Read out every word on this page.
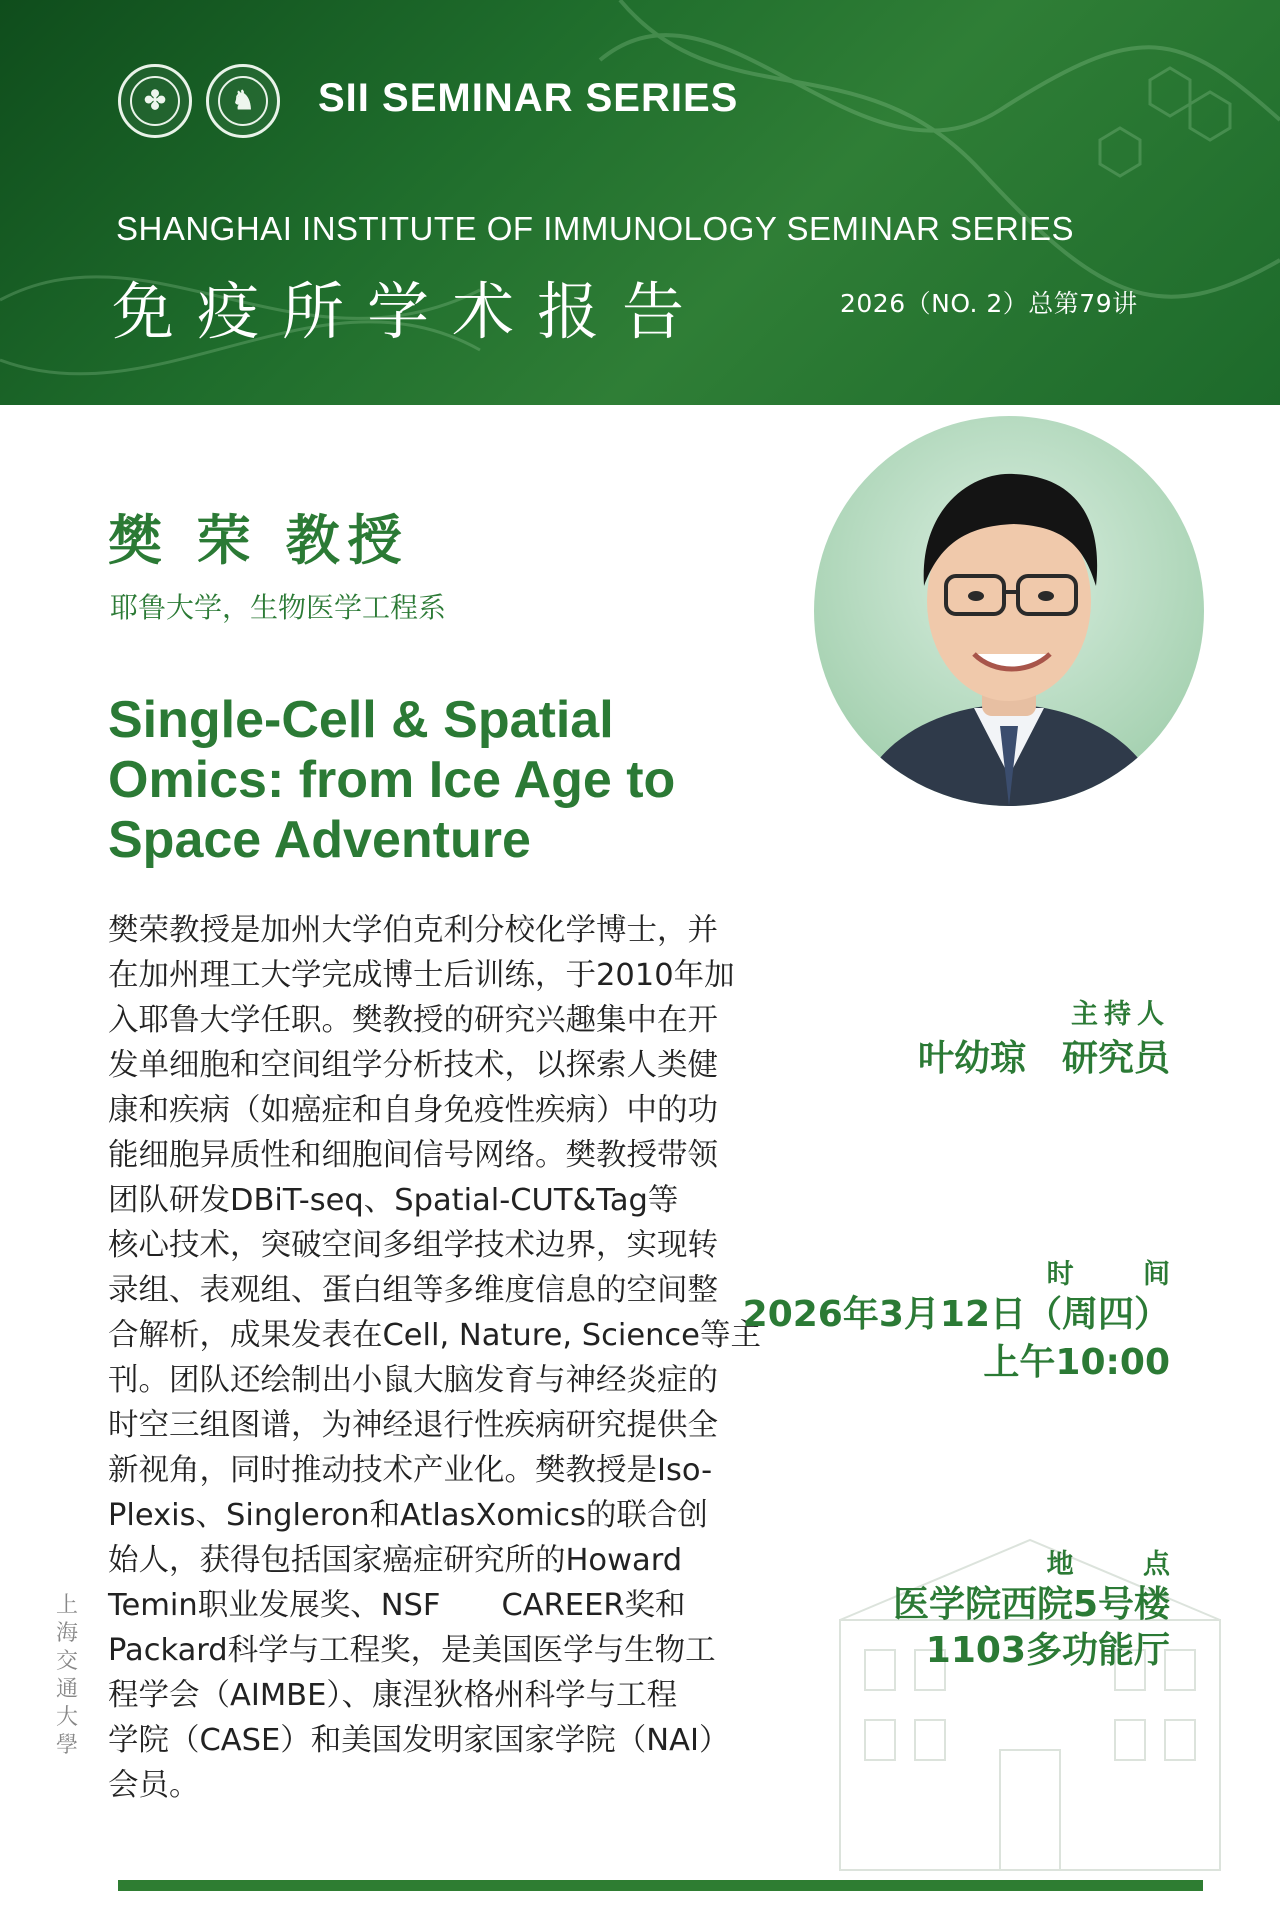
✤	♞	SII SEMINAR SERIES
SHANGHAI INSTITUTE OF IMMUNOLOGY SEMINAR SERIES
免疫所学术报告	2026（NO. 2）总第79讲
樊 荣 教授
耶鲁大学，生物医学工程系
Single-Cell & Spatial
Omics: from Ice Age to
Space Adventure
樊荣教授是加州大学伯克利分校化学博士，并
在加州理工大学完成博士后训练，于2010年加
入耶鲁大学任职。樊教授的研究兴趣集中在开
发单细胞和空间组学分析技术，以探索人类健
康和疾病（如癌症和自身免疫性疾病）中的功
能细胞异质性和细胞间信号网络。樊教授带领
团队研发DBiT-seq、Spatial-CUT&Tag等
核心技术，突破空间多组学技术边界，实现转
录组、表观组、蛋白组等多维度信息的空间整
合解析，成果发表在Cell, Nature, Science等主
刊。团队还绘制出小鼠大脑发育与神经炎症的
时空三组图谱，为神经退行性疾病研究提供全
新视角，同时推动技术产业化。樊教授是Iso-
Plexis、Singleron和AtlasXomics的联合创
始人，获得包括国家癌症研究所的Howard
Temin职业发展奖、NSF　　CAREER奖和
Packard科学与工程奖，是美国医学与生物工
程学会（AIMBE）、康涅狄格州科学与工程
学院（CASE）和美国发明家国家学院（NAI）
会员。
主持人
叶幼琼　研究员
时 间
2026年3月12日（周四）
上午10:00
地 点
医学院西院5号楼
1103多功能厅
上
海
交
通
大
學
